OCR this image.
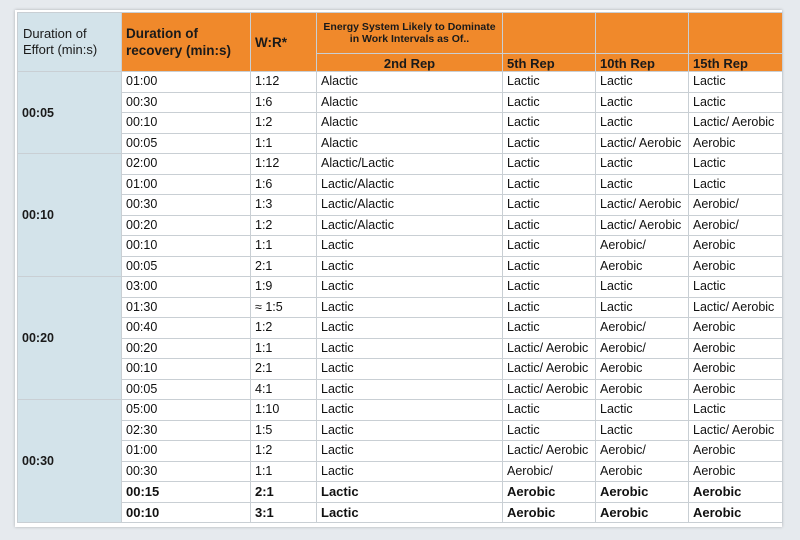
Duration of Effort (min:s)	Duration of recovery (min:s)	W:R*	Energy System Likely to Dominate in Work Intervals as Of..			
			2nd Rep	5th Rep	10th Rep	15th Rep
00:05	01:00	1:12	Alactic	Lactic	Lactic	Lactic
	00:30	1:6	Alactic	Lactic	Lactic	Lactic
	00:10	1:2	Alactic	Lactic	Lactic	Lactic/ Aerobic
	00:05	1:1	Alactic	Lactic	Lactic/ Aerobic	Aerobic
00:10	02:00	1:12	Alactic/Lactic	Lactic	Lactic	Lactic
	01:00	1:6	Lactic/Alactic	Lactic	Lactic	Lactic
	00:30	1:3	Lactic/Alactic	Lactic	Lactic/ Aerobic	Aerobic/
	00:20	1:2	Lactic/Alactic	Lactic	Lactic/ Aerobic	Aerobic/
	00:10	1:1	Lactic	Lactic	Aerobic/	Aerobic
	00:05	2:1	Lactic	Lactic	Aerobic	Aerobic
00:20	03:00	1:9	Lactic	Lactic	Lactic	Lactic
	01:30	≈ 1:5	Lactic	Lactic	Lactic	Lactic/ Aerobic
	00:40	1:2	Lactic	Lactic	Aerobic/	Aerobic
	00:20	1:1	Lactic	Lactic/ Aerobic	Aerobic/	Aerobic
	00:10	2:1	Lactic	Lactic/ Aerobic	Aerobic	Aerobic
	00:05	4:1	Lactic	Lactic/ Aerobic	Aerobic	Aerobic
00:30	05:00	1:10	Lactic	Lactic	Lactic	Lactic
	02:30	1:5	Lactic	Lactic	Lactic	Lactic/ Aerobic
	01:00	1:2	Lactic	Lactic/ Aerobic	Aerobic/	Aerobic
	00:30	1:1	Lactic	Aerobic/	Aerobic	Aerobic
	00:15	2:1	Lactic	Aerobic	Aerobic	Aerobic
	00:10	3:1	Lactic	Aerobic	Aerobic	Aerobic
